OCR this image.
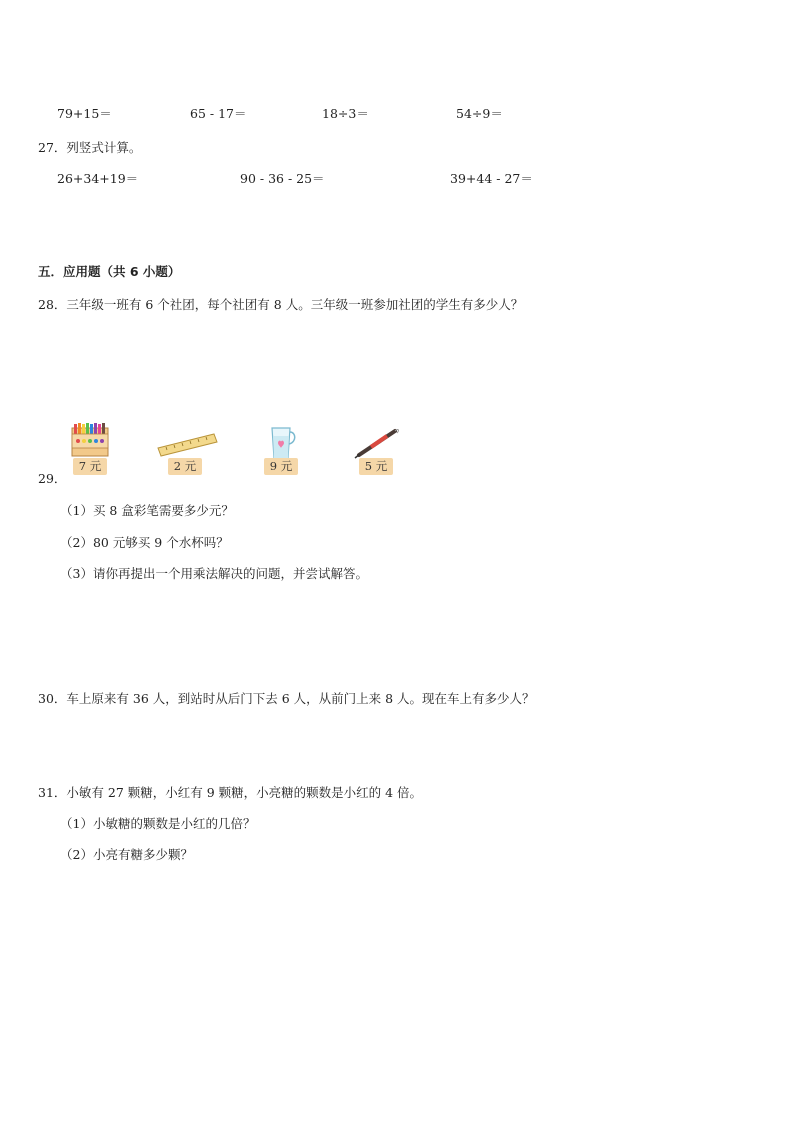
79+15＝	65 - 17＝	18÷3＝	54÷9＝
27．列竖式计算。
26+34+19＝	90 - 36 - 25＝	39+44 - 27＝
五．应用题（共 6 小题）
28．三年级一班有 6 个社团，每个社团有 8 人。三年级一班参加社团的学生有多少人？
7 元	2 元	9 元	5 元
29．
（1）买 8 盒彩笔需要多少元？
（2）80 元够买 9 个水杯吗？
（3）请你再提出一个用乘法解决的问题，并尝试解答。
30．车上原来有 36 人，到站时从后门下去 6 人，从前门上来 8 人。现在车上有多少人？
31．小敏有 27 颗糖，小红有 9 颗糖，小亮糖的颗数是小红的 4 倍。
（1）小敏糖的颗数是小红的几倍？
（2）小亮有糖多少颗？
